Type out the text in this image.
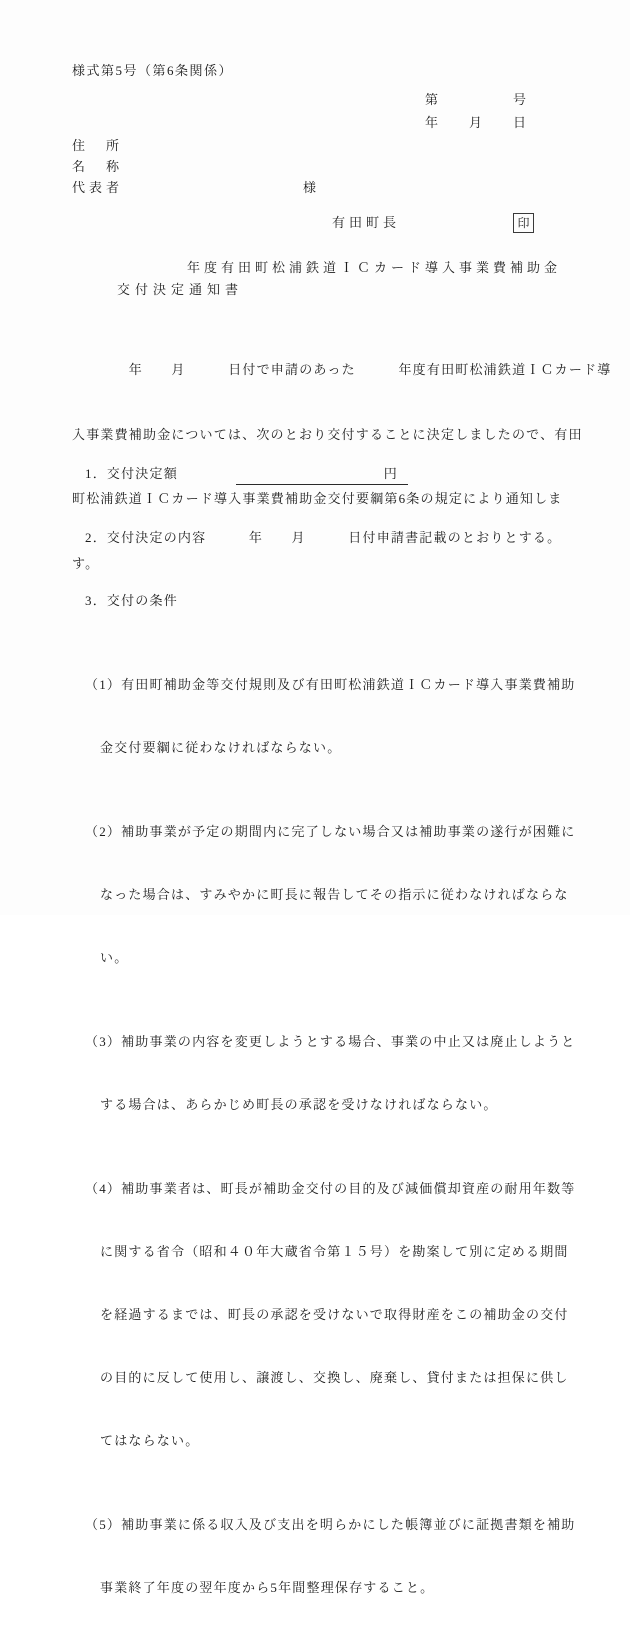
様式第5号（第6条関係）
第	号
年 月 日
住　所
名　称
代表者	様
有田町長	印
年度有田町松浦鉄道ＩＣカード導入事業費補助金
交付決定通知書

　　　　年　　月　　　日付で申請のあった　　　年度有田町松浦鉄道ＩＣカード導

入事業費補助金については、次のとおり交付することに決定しましたので、有田

町松浦鉄道ＩＣカード導入事業費補助金交付要綱第6条の規定により通知しま

す。

1．交付決定額	円

2．交付決定の内容　　　年　　月　　　日付申請書記載のとおりとする。

3．交付の条件

（1）有田町補助金等交付規則及び有田町松浦鉄道ＩＣカード導入事業費補助

金交付要綱に従わなければならない。

（2）補助事業が予定の期間内に完了しない場合又は補助事業の遂行が困難に

なった場合は、すみやかに町長に報告してその指示に従わなければならな

い。

（3）補助事業の内容を変更しようとする場合、事業の中止又は廃止しようと

する場合は、あらかじめ町長の承認を受けなければならない。

（4）補助事業者は、町長が補助金交付の目的及び減価償却資産の耐用年数等

に関する省令（昭和４０年大蔵省令第１５号）を勘案して別に定める期間

を経過するまでは、町長の承認を受けないで取得財産をこの補助金の交付

の目的に反して使用し、譲渡し、交換し、廃棄し、貸付または担保に供し

てはならない。

（5）補助事業に係る収入及び支出を明らかにした帳簿並びに証拠書類を補助

事業終了年度の翌年度から5年間整理保存すること。
